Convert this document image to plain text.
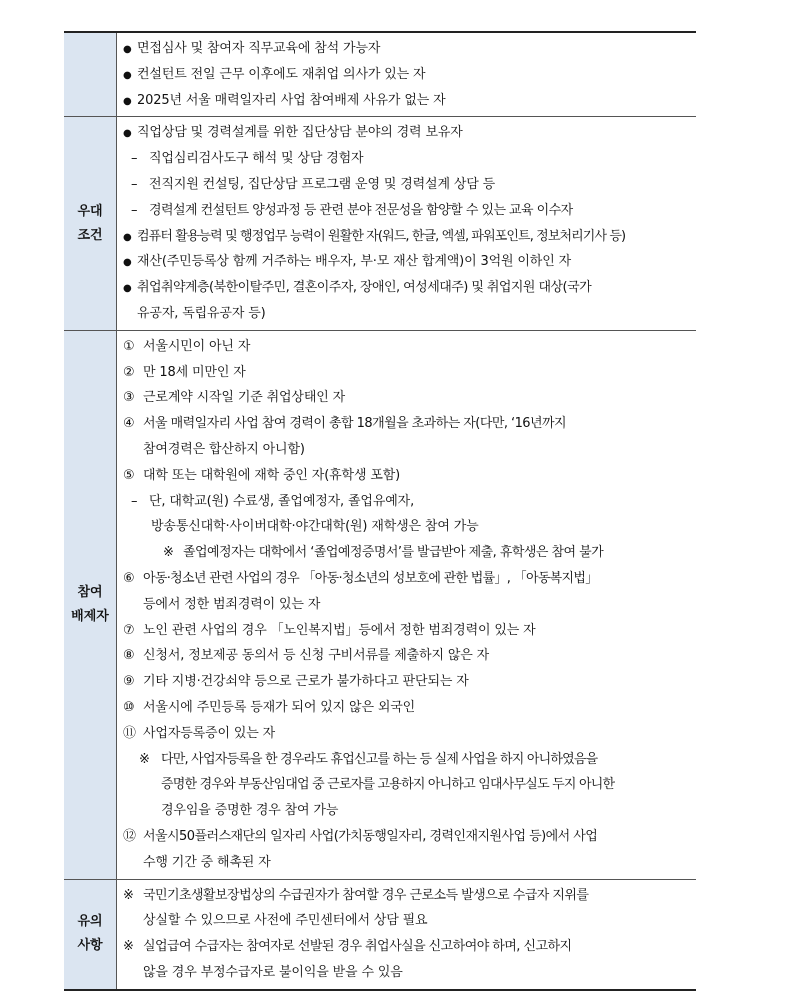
● 면접심사 및 참여자 직무교육에 참석 가능자
● 컨설턴트 전일 근무 이후에도 재취업 의사가 있는 자
● 2025년 서울 매력일자리 사업 참여배제 사유가 없는 자
우대
조건
● 직업상담 및 경력설계를 위한 집단상담 분야의 경력 보유자
– 직업심리검사도구 해석 및 상담 경험자
– 전직지원 컨설팅, 집단상담 프로그램 운영 및 경력설계 상담 등
– 경력설계 컨설턴트 양성과정 등 관련 분야 전문성을 함양할 수 있는 교육 이수자
● 컴퓨터 활용능력 및 행정업무 능력이 원활한 자(워드, 한글, 엑셀, 파워포인트, 정보처리기사 등)
● 재산(주민등록상 함께 거주하는 배우자, 부·모 재산 합계액)이 3억원 이하인 자
● 취업취약계층(북한이탈주민, 결혼이주자, 장애인, 여성세대주) 및 취업지원 대상(국가
유공자, 독립유공자 등)
참여
배제자
① 서울시민이 아닌 자
② 만 18세 미만인 자
③ 근로계약 시작일 기준 취업상태인 자
④ 서울 매력일자리 사업 참여 경력이 총합 18개월을 초과하는 자(다만, ‘16년까지
참여경력은 합산하지 아니함)
⑤ 대학 또는 대학원에 재학 중인 자(휴학생 포함)
– 단, 대학교(원) 수료생, 졸업예정자, 졸업유예자,
방송통신대학·사이버대학·야간대학(원) 재학생은 참여 가능
※ 졸업예정자는 대학에서 ‘졸업예정증명서’를 발급받아 제출, 휴학생은 참여 불가
⑥ 아동·청소년 관련 사업의 경우 「아동·청소년의 성보호에 관한 법률」, 「아동복지법」
등에서 정한 범죄경력이 있는 자
⑦ 노인 관련 사업의 경우 「노인복지법」등에서 정한 범죄경력이 있는 자
⑧ 신청서, 정보제공 동의서 등 신청 구비서류를 제출하지 않은 자
⑨ 기타 지병·건강쇠약 등으로 근로가 불가하다고 판단되는 자
⑩ 서울시에 주민등록 등재가 되어 있지 않은 외국인
⑪ 사업자등록증이 있는 자
※ 다만, 사업자등록을 한 경우라도 휴업신고를 하는 등 실제 사업을 하지 아니하였음을
증명한 경우와 부동산임대업 중 근로자를 고용하지 아니하고 임대사무실도 두지 아니한
경우임을 증명한 경우 참여 가능
⑫ 서울시50플러스재단의 일자리 사업(가치동행일자리, 경력인재지원사업 등)에서 사업
수행 기간 중 해촉된 자
유의
사항
※ 국민기초생활보장법상의 수급권자가 참여할 경우 근로소득 발생으로 수급자 지위를
상실할 수 있으므로 사전에 주민센터에서 상담 필요
※ 실업급여 수급자는 참여자로 선발된 경우 취업사실을 신고하여야 하며, 신고하지
않을 경우 부정수급자로 불이익을 받을 수 있음
